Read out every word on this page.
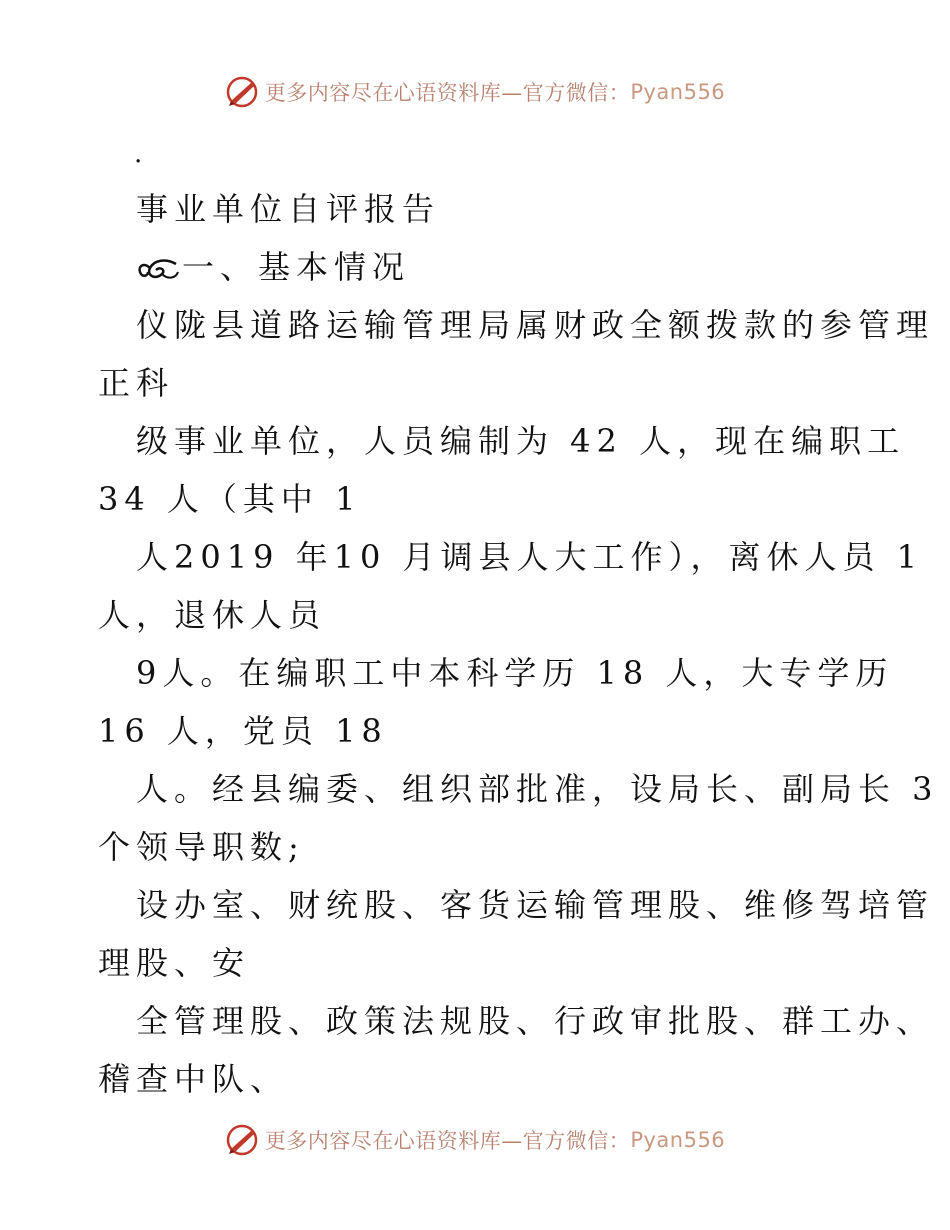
更多内容尽在心语资料库—官方微信： Pyan556
.
事业单位自评报告
一、基本情况
仪陇县道路运输管理局属财政全额拨款的参管理
正科
级事业单位，人员编制为 42 人，现在编职工
34 人（其中 1
人2019 年10 月调县人大工作），离休人员 1
人，退休人员
9人。在编职工中本科学历 18 人，大专学历
16 人，党员 18
人。经县编委、组织部批准，设局长、副局长 3
个领导职数;
设办室、财统股、客货运输管理股、维修驾培管
理股、安
全管理股、政策法规股、行政审批股、群工办、
稽查中队、
更多内容尽在心语资料库—官方微信： Pyan556
